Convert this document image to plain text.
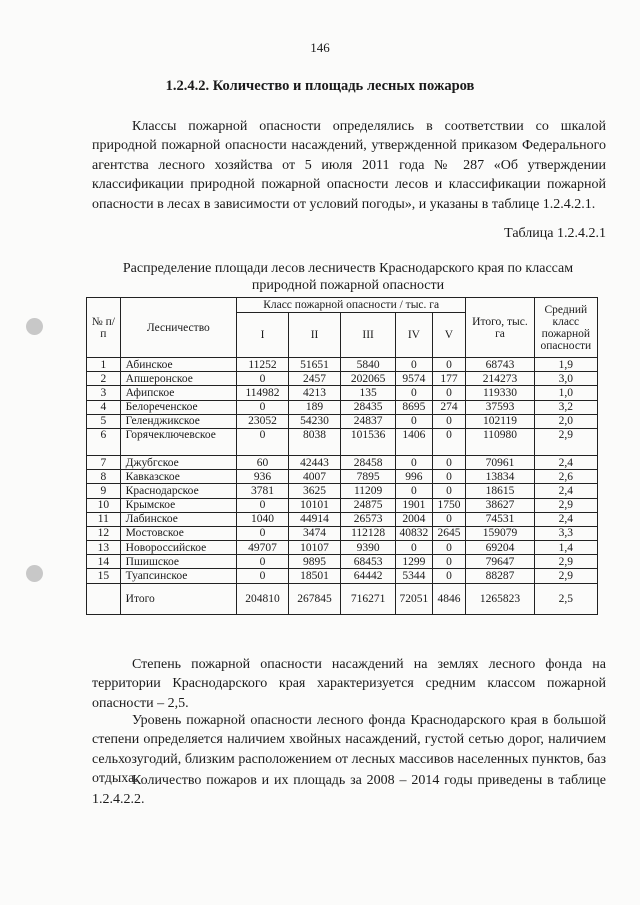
146
1.2.4.2. Количество и площадь лесных пожаров

Классы пожарной опасности определялись в соответствии со шкалой природной пожарной опасности насаждений, утвержденной приказом Федерального агентства лесного хозяйства от 5 июля 2011 года № 287 «Об утверждении классификации природной пожарной опасности лесов и классификации пожарной опасности в лесах в зависимости от условий погоды», и указаны в таблице 1.2.4.2.1.

Таблица 1.2.4.2.1
Распределение площади лесов лесничеств Краснодарского края по классам природной пожарной опасности
№ п/п	Лесничество	Класс пожарной опасности / тыс. га					Итого, тыс. га	Средний класс пожарной опасности
		I	II	III	IV	V		
1	Абинское	11252	51651	5840	0	0	68743	1,9
2	Апшеронское	0	2457	202065	9574	177	214273	3,0
3	Афипское	114982	4213	135	0	0	119330	1,0
4	Белореченское	0	189	28435	8695	274	37593	3,2
5	Геленджикское	23052	54230	24837	0	0	102119	2,0
6	Горячеключевское	0	8038	101536	1406	0	110980	2,9
7	Джубгское	60	42443	28458	0	0	70961	2,4
8	Кавказское	936	4007	7895	996	0	13834	2,6
9	Краснодарское	3781	3625	11209	0	0	18615	2,4
10	Крымское	0	10101	24875	1901	1750	38627	2,9
11	Лабинское	1040	44914	26573	2004	0	74531	2,4
12	Мостовское	0	3474	112128	40832	2645	159079	3,3
13	Новороссийское	49707	10107	9390	0	0	69204	1,4
14	Пшишское	0	9895	68453	1299	0	79647	2,9
15	Туапсинское	0	18501	64442	5344	0	88287	2,9
	Итого	204810	267845	716271	72051	4846	1265823	2,5

Степень пожарной опасности насаждений на землях лесного фонда на территории Краснодарского края характеризуется средним классом пожарной опасности – 2,5.

Уровень пожарной опасности лесного фонда Краснодарского края в большой степени определяется наличием хвойных насаждений, густой сетью дорог, наличием сельхозугодий, близким расположением от лесных массивов населенных пунктов, баз отдыха.

Количество пожаров и их площадь за 2008 – 2014 годы приведены в таблице 1.2.4.2.2.
